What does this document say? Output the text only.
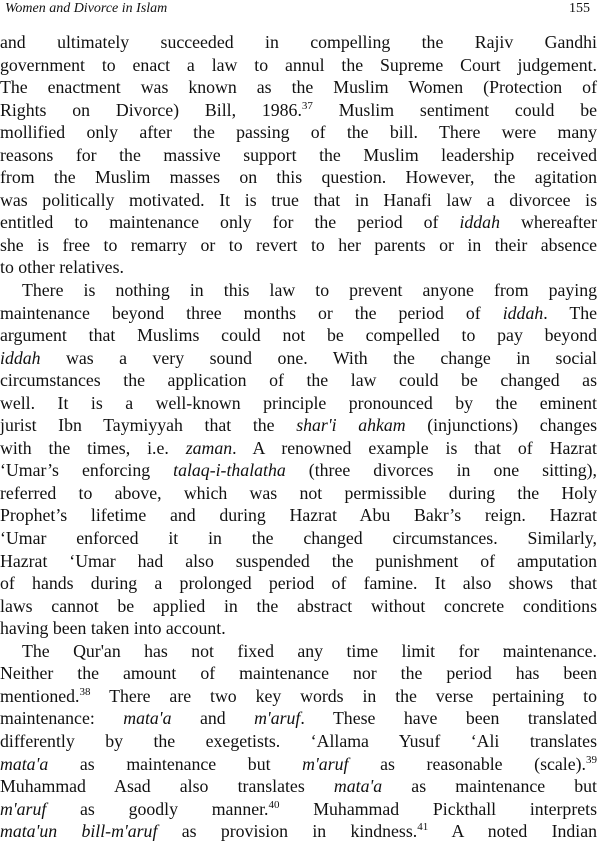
Women and Divorce in Islam	155
and ultimately succeeded in compelling the Rajiv Gandhi
government to enact a law to annul the Supreme Court judgement.
The enactment was known as the Muslim Women (Protection of
Rights on Divorce) Bill, 1986.37 Muslim sentiment could be
mollified only after the passing of the bill. There were many
reasons for the massive support the Muslim leadership received
from the Muslim masses on this question. However, the agitation
was politically motivated. It is true that in Hanafi law a divorcee is
entitled to maintenance only for the period of iddah whereafter
she is free to remarry or to revert to her parents or in their absence
to other relatives.
There is nothing in this law to prevent anyone from paying
maintenance beyond three months or the period of iddah. The
argument that Muslims could not be compelled to pay beyond
iddah was a very sound one. With the change in social
circumstances the application of the law could be changed as
well. It is a well-known principle pronounced by the eminent
jurist Ibn Taymiyyah that the shar'i ahkam (injunctions) changes
with the times, i.e. zaman. A renowned example is that of Hazrat
‘Umar’s enforcing talaq-i-thalatha (three divorces in one sitting),
referred to above, which was not permissible during the Holy
Prophet’s lifetime and during Hazrat Abu Bakr’s reign. Hazrat
‘Umar enforced it in the changed circumstances. Similarly,
Hazrat ‘Umar had also suspended the punishment of amputation
of hands during a prolonged period of famine. It also shows that
laws cannot be applied in the abstract without concrete conditions
having been taken into account.
The Qur'an has not fixed any time limit for maintenance.
Neither the amount of maintenance nor the period has been
mentioned.$^{38}$ There are two key words in the verse pertaining to
maintenance: mata'a and m'aruf. These have been translated
differently by the exegetists. ‘Allama Yusuf ‘Ali translates
mata'a as maintenance but m'aruf as reasonable (scale).$^{39}$
Muhammad Asad also translates mata'a as maintenance but
m'aruf as goodly manner.$^{40}$ Muhammad Pickthall interprets
mata'un bill-m'aruf as provision in kindness.$^{41}$ A noted Indian
